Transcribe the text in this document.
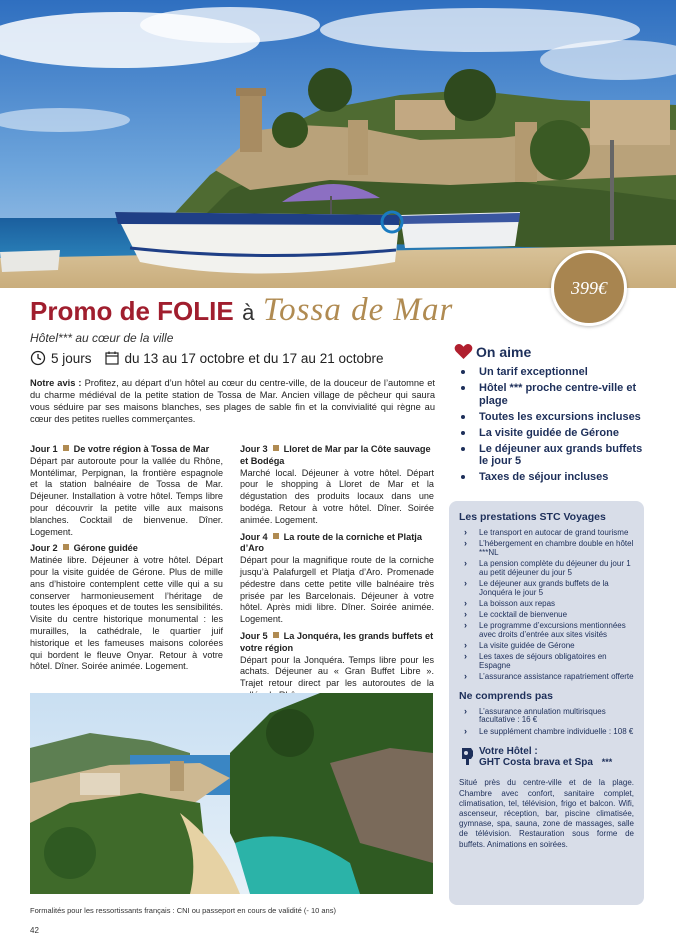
399€
Promo de FOLIE à Tossa de Mar
Hôtel*** au cœur de la ville
5 jours du 13 au 17 octobre et du 17 au 21 octobre
Notre avis : Profitez, au départ d’un hôtel au cœur du centre-ville, de la douceur de l’automne et du charme médiéval de la petite station de Tossa de Mar. Ancien village de pêcheur qui saura vous séduire par ses maisons blanches, ses plages de sable fin et la convivialité qui règne au cœur des petites ruelles commerçantes.
Jour 1 De votre région à Tossa de Mar

Départ par autoroute pour la vallée du Rhône, Montélimar, Perpignan, la frontière espagnole et la station balnéaire de Tossa de Mar. Déjeuner. Installation à votre hôtel. Temps libre pour découvrir la petite ville aux maisons blanches. Cocktail de bienvenue. Dîner. Logement.

Jour 2 Gérone guidée

Matinée libre. Déjeuner à votre hôtel. Départ pour la visite guidée de Gérone. Plus de mille ans d’histoire contemplent cette ville qui a su conserver harmonieusement l’héritage de toutes les époques et de toutes les sensibilités. Visite du centre historique monumental : les murailles, la cathédrale, le quartier juif historique et les fameuses maisons colorées qui bordent le fleuve Onyar. Retour à votre hôtel. Dîner. Soirée animée. Logement.

Jour 3 Lloret de Mar par la Côte sauvage et Bodéga

Marché local. Déjeuner à votre hôtel. Départ pour le shopping à Lloret de Mar et la dégustation des produits locaux dans une bodéga. Retour à votre hôtel. Dîner. Soirée animée. Logement.

Jour 4 La route de la corniche et Platja d’Aro

Départ pour la magnifique route de la corniche jusqu’à Palafurgell et Platja d’Aro. Promenade pédestre dans cette petite ville balnéaire très prisée par les Barcelonais. Déjeuner à votre hôtel. Après midi libre. Dîner. Soirée animée. Logement.

Jour 5 La Jonquéra, les grands buffets et votre région

Départ pour la Jonquéra. Temps libre pour les achats. Déjeuner au « Gran Buffet Libre ». Trajet retour direct par les autoroutes de la

Formalités pour les ressortissants français : CNI ou passeport en cours de validité (- 10 ans)
42
On aime
Un tarif exceptionnel
Hôtel *** proche centre-ville et plage
Toutes les excursions incluses
La visite guidée de Gérone
Le déjeuner aux grands buffets le jour 5
Taxes de séjour incluses
Les prestations STC Voyages
› Le transport en autocar de grand tourisme
› L’hébergement en chambre double en hôtel ***NL
› La pension complète du déjeuner du jour 1 au petit déjeuner du jour 5
› Le déjeuner aux grands buffets de la Jonquéra le jour 5
› La boisson aux repas
› Le cocktail de bienvenue
› Le programme d’excursions mentionnées avec droits d’entrée aux sites visités
› La visite guidée de Gérone
› Les taxes de séjours obligatoires en Espagne
› L’assurance assistance rapatriement offerte
Ne comprends pas
› L’assurance annulation multirisques facultative : 16 €
› Le supplément chambre individuelle : 108 €
Votre Hôtel :
GHT Costa brava et Spa ***

Situé près du centre-ville et de la plage. Chambre avec confort, sanitaire complet, climatisation, tel, télévision, frigo et balcon. Wifi, ascenseur, réception, bar, piscine climatisée, gymnase, spa, sauna, zone de massages, salle de télévision. Restauration sous forme de buffets. Animations en soirées.
